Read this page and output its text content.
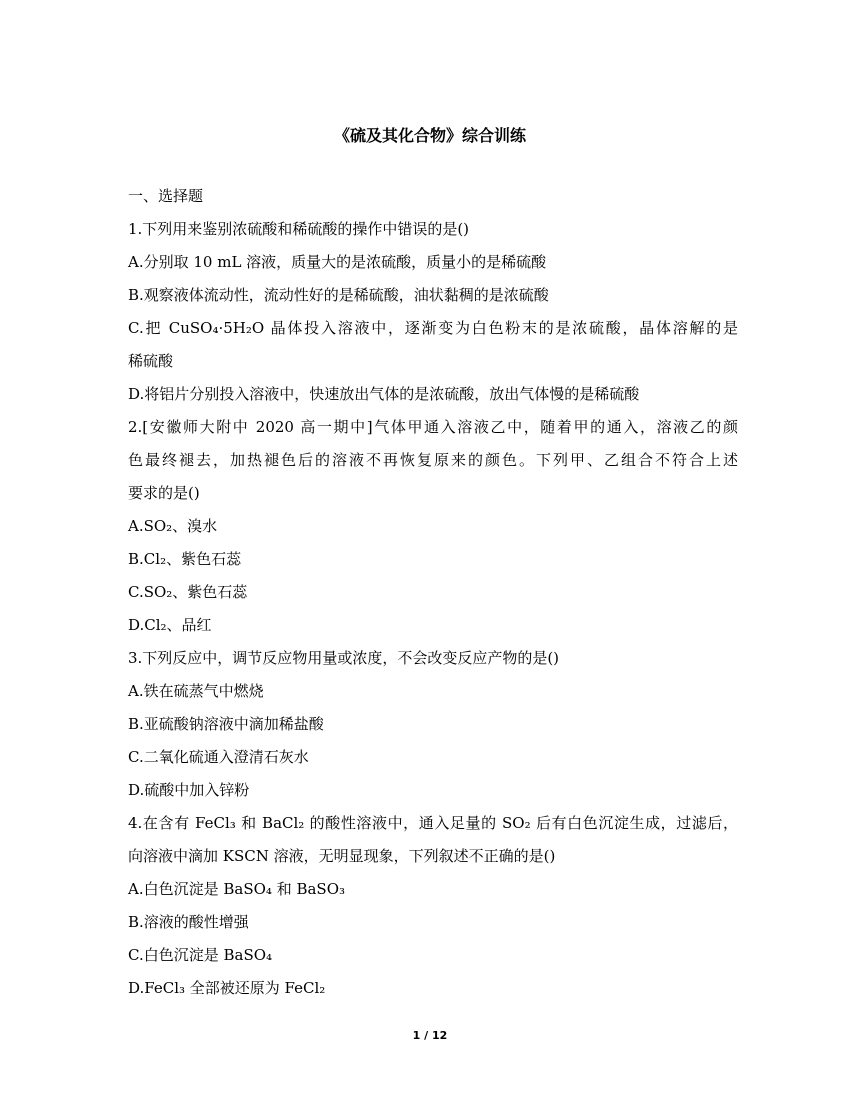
《硫及其化合物》综合训练
一、选择题
1.下列用来鉴别浓硫酸和稀硫酸的操作中错误的是()
A.分别取 10 mL 溶液，质量大的是浓硫酸，质量小的是稀硫酸
B.观察液体流动性，流动性好的是稀硫酸，油状黏稠的是浓硫酸
C.把 CuSO₄·5H₂O 晶体投入溶液中，逐渐变为白色粉末的是浓硫酸，晶体溶解的是
稀硫酸
D.将铝片分别投入溶液中，快速放出气体的是浓硫酸，放出气体慢的是稀硫酸
2.[安徽师大附中 2020 高一期中]气体甲通入溶液乙中，随着甲的通入，溶液乙的颜
色最终褪去，加热褪色后的溶液不再恢复原来的颜色。下列甲、乙组合不符合上述
要求的是()
A.SO₂、溴水
B.Cl₂、紫色石蕊
C.SO₂、紫色石蕊
D.Cl₂、品红
3.下列反应中，调节反应物用量或浓度，不会改变反应产物的是()
A.铁在硫蒸气中燃烧
B.亚硫酸钠溶液中滴加稀盐酸
C.二氧化硫通入澄清石灰水
D.硫酸中加入锌粉
4.在含有 FeCl₃ 和 BaCl₂ 的酸性溶液中，通入足量的 SO₂ 后有白色沉淀生成，过滤后，
向溶液中滴加 KSCN 溶液，无明显现象，下列叙述不正确的是()
A.白色沉淀是 BaSO₄ 和 BaSO₃
B.溶液的酸性增强
C.白色沉淀是 BaSO₄
D.FeCl₃ 全部被还原为 FeCl₂
1 / 12
